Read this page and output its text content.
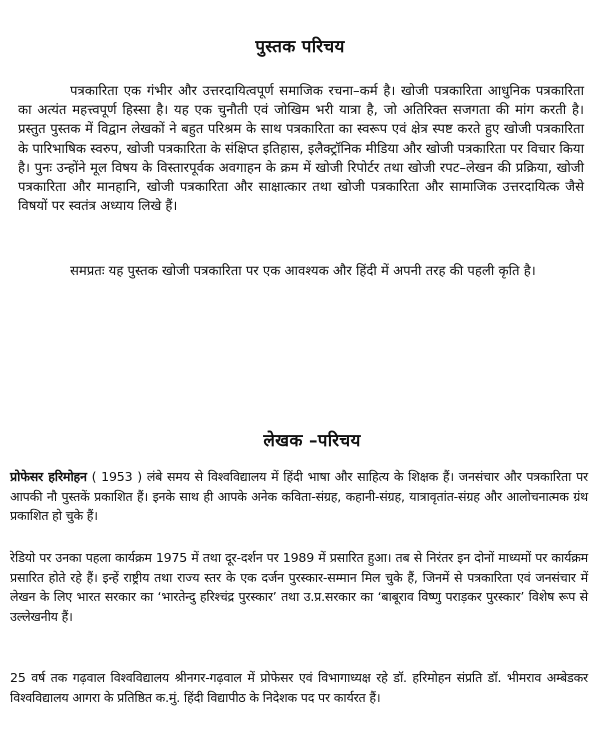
पुस्तक परिचय

पत्रकारिता एक गंभीर और उत्तरदायित्वपूर्ण समाजिक रचना–कर्म है। खोजी पत्रकारिता आधुनिक पत्रकारिता का अत्यंत महत्त्वपूर्ण हिस्सा है। यह एक चुनौती एवं जोखिम भरी यात्रा है, जो अतिरिक्त सजगता की मांग करती है। प्रस्तुत पुस्तक में विद्वान लेखकों ने बहुत परिश्रम के साथ पत्रकारिता का स्वरूप एवं क्षेत्र स्पष्ट करते हुए खोजी पत्रकारिता के पारिभाषिक स्वरुप, खोजी पत्रकारिता के संक्षिप्त इतिहास, इलैक्ट्रॉनिक मीडिया और खोजी पत्रकारिता पर विचार किया है। पुनः उन्होंने मूल विषय के विस्तारपूर्वक अवगाहन के क्रम में खोजी रिपोर्टर तथा खोजी रपट–लेखन की प्रक्रिया, खोजी पत्रकारिता और मानहानि, खोजी पत्रकारिता और साक्षात्कार तथा खोजी पत्रकारिता और सामाजिक उत्तरदायित्क जैसे विषयों पर स्वतंत्र अध्याय लिखे हैं।

समप्रतः यह पुस्तक खोजी पत्रकारिता पर एक आवश्यक और हिंदी में अपनी तरह की पहली कृति है।

लेखक –परिचय

प्रोफेसर हरिमोहन ( 1953 ) लंबे समय से विश्वविद्यालय में हिंदी भाषा और साहित्य के शिक्षक हैं। जनसंचार और पत्रकारिता पर आपकी नौ पुस्तकें प्रकाशित हैं। इनके साथ ही आपके अनेक कविता-संग्रह, कहानी-संग्रह, यात्रावृतांत-संग्रह और आलोचनात्मक ग्रंथ प्रकाशित हो चुके हैं।

रेडियो पर उनका पहला कार्यक्रम 1975 में तथा दूर-दर्शन पर 1989 में प्रसारित हुआ। तब से निरंतर इन दोनों माध्यमों पर कार्यक्रम प्रसारित होते रहे हैं। इन्हें राष्ट्रीय तथा राज्य स्तर के एक दर्जन पुरस्कार-सम्मान मिल चुके हैं, जिनमें से पत्रकारिता एवं जनसंचार में लेखन के लिए भारत सरकार का ‘भारतेन्दु हरिश्चंद्र पुरस्कार’ तथा उ.प्र.सरकार का ‘बाबूराव विष्णु पराड़कर पुरस्कार’ विशेष रूप से उल्लेखनीय हैं।

25 वर्ष तक गढ़वाल विश्वविद्यालय श्रीनगर-गढ़वाल में प्रोफेसर एवं विभागाध्यक्ष रहे डॉ. हरिमोहन संप्रति डॉ. भीमराव अम्बेडकर विश्वविद्यालय आगरा के प्रतिष्ठित क.मुं. हिंदी विद्यापीठ के निदेशक पद पर कार्यरत हैं।
